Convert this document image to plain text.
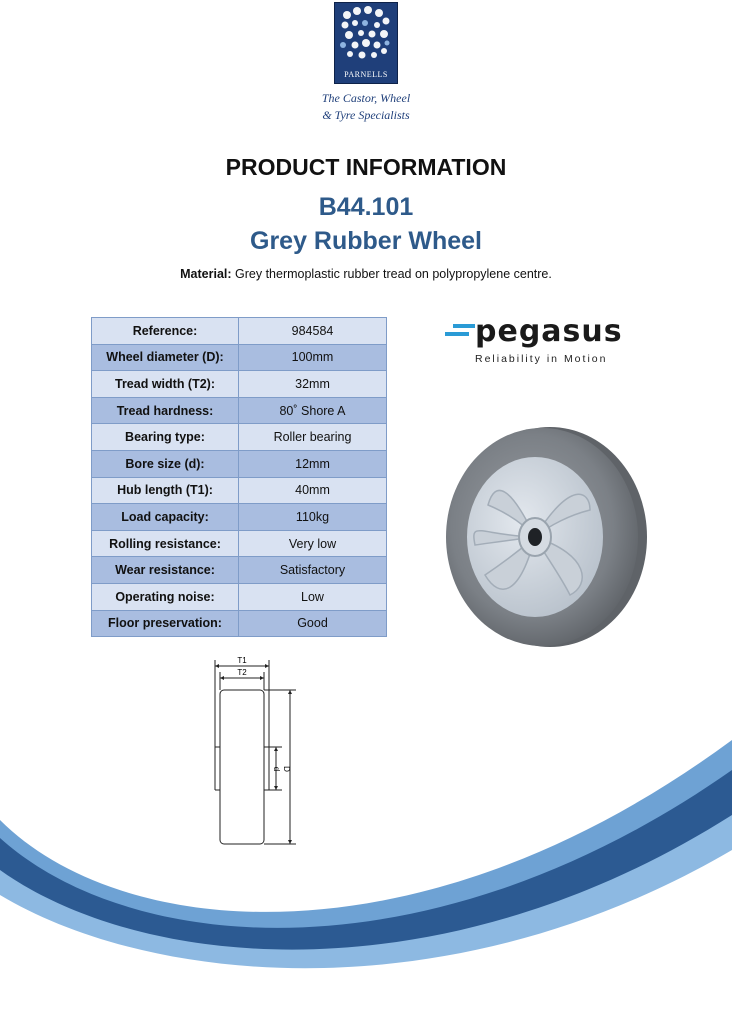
PARNELLS
The Castor, Wheel
& Tyre Specialists
PRODUCT INFORMATION
B44.101
Grey Rubber Wheel
Material: Grey thermoplastic rubber tread on polypropylene centre.
Reference:	984584
Wheel diameter (D):	100mm
Tread width (T2):	32mm
Tread hardness:	80˚ Shore A
Bearing type:	Roller bearing
Bore size (d):	12mm
Hub length (T1):	40mm
Load capacity:	110kg
Rolling resistance:	Very low
Wear resistance:	Satisfactory
Operating noise:	Low
Floor preservation:	Good
pegasus
Reliability in Motion
T1
T2
d D
